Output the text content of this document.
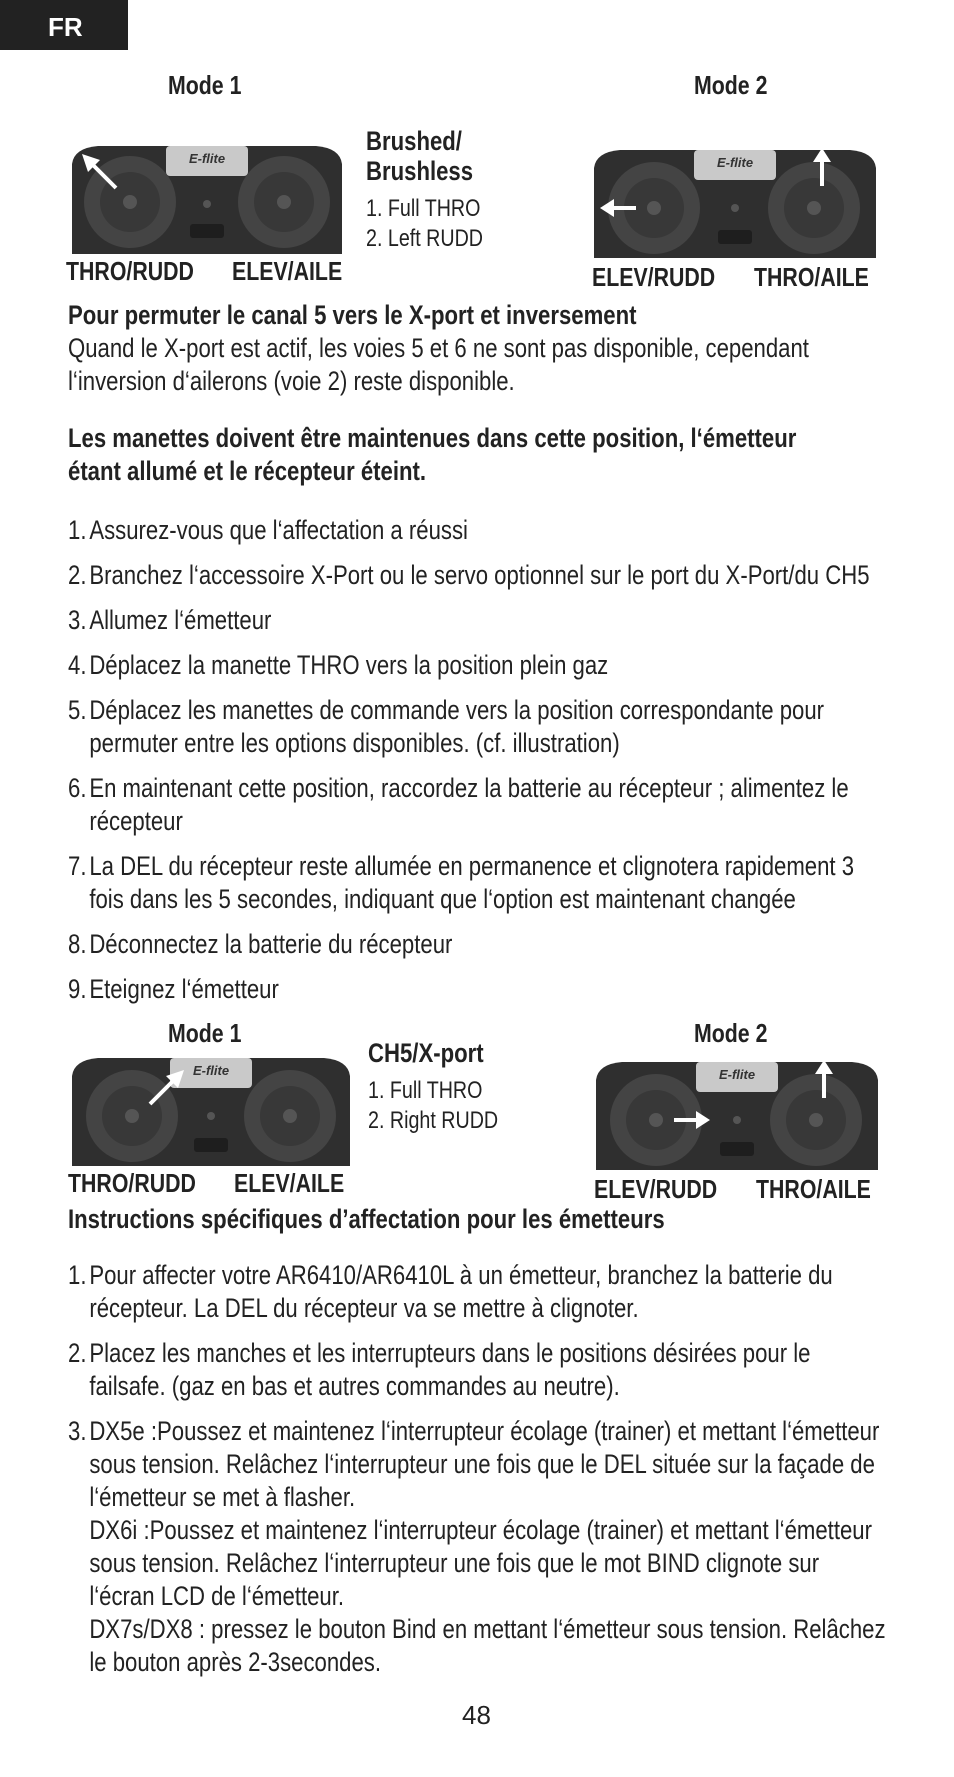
FR
Mode 1	Mode 2
E-flite
THRO/RUDD ELEV/AILE
Brushed/
Brushless
1. Full THRO
2. Left RUDD
E-flite
ELEV/RUDD THRO/AILE
Pour permuter le canal 5 vers le X-port et inversement
Quand le X-port est actif, les voies 5 et 6 ne sont pas disponible, cependant
l‘inversion d‘ailerons (voie 2) reste disponible.
Les manettes doivent être maintenues dans cette position, l‘émetteur
étant allumé et le récepteur éteint.
1. Assurez-vous que l‘affectation a réussi
2. Branchez l‘accessoire X-Port ou le servo optionnel sur le port du X-Port/du CH5
3. Allumez l‘émetteur
4. Déplacez la manette THRO vers la position plein gaz
5. Déplacez les manettes de commande vers la position correspondante pour
permuter entre les options disponibles. (cf. illustration)
6. En maintenant cette position, raccordez la batterie au récepteur ; alimentez le
récepteur
7. La DEL du récepteur reste allumée en permanence et clignotera rapidement 3
fois dans les 5 secondes, indiquant que l‘option est maintenant changée
8. Déconnectez la batterie du récepteur
9. Eteignez l‘émetteur
Mode 1	Mode 2
E-flite
THRO/RUDD ELEV/AILE
CH5/X-port
1. Full THRO
2. Right RUDD
E-flite
ELEV/RUDD THRO/AILE
Instructions spécifiques d’affectation pour les émetteurs
1. Pour affecter votre AR6410/AR6410L à un émetteur, branchez la batterie du
récepteur. La DEL du récepteur va se mettre à clignoter.
2. Placez les manches et les interrupteurs dans le positions désirées pour le
failsafe. (gaz en bas et autres commandes au neutre).
3. DX5e :Poussez et maintenez l‘interrupteur écolage (trainer) et mettant l‘émetteur
sous tension. Relâchez l‘interrupteur une fois que le DEL située sur la façade de
l‘émetteur se met à flasher.
DX6i :Poussez et maintenez l‘interrupteur écolage (trainer) et mettant l‘émetteur
sous tension. Relâchez l‘interrupteur une fois que le mot BIND clignote sur
l‘écran LCD de l‘émetteur.
DX7s/DX8 : pressez le bouton Bind en mettant l‘émetteur sous tension. Relâchez
le bouton après 2-3secondes.
48
